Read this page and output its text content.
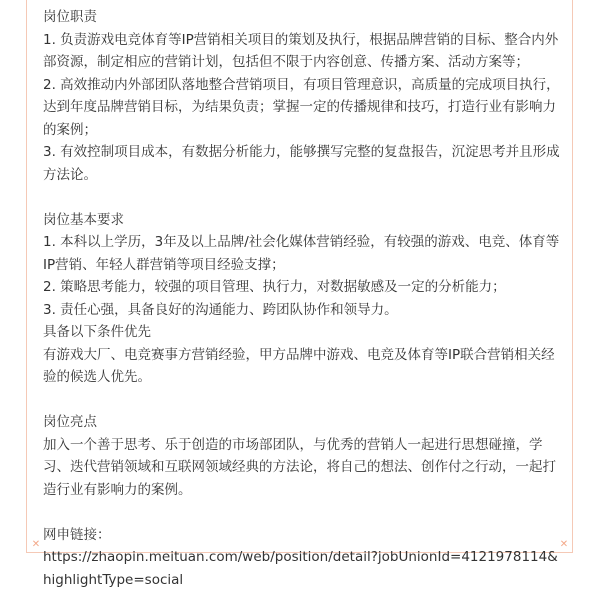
岗位职责

1. 负责游戏电竞体育等IP营销相关项目的策划及执行，根据品牌营销的目标、整合内外部资源，制定相应的营销计划，包括但不限于内容创意、传播方案、活动方案等；

2. 高效推动内外部团队落地整合营销项目，有项目管理意识，高质量的完成项目执行，达到年度品牌营销目标，为结果负责；掌握一定的传播规律和技巧，打造行业有影响力的案例；

3. 有效控制项目成本，有数据分析能力，能够撰写完整的复盘报告，沉淀思考并且形成方法论。

岗位基本要求

1. 本科以上学历，3年及以上品牌/社会化媒体营销经验，有较强的游戏、电竞、体育等IP营销、年轻人群营销等项目经验支撑；

2. 策略思考能力，较强的项目管理、执行力，对数据敏感及一定的分析能力；

3. 责任心强，具备良好的沟通能力、跨团队协作和领导力。

具备以下条件优先

有游戏大厂、电竞赛事方营销经验，甲方品牌中游戏、电竞及体育等IP联合营销相关经验的候选人优先。

岗位亮点

加入一个善于思考、乐于创造的市场部团队，与优秀的营销人一起进行思想碰撞，学习、迭代营销领域和互联网领域经典的方法论，将自己的想法、创作付之行动，一起打造行业有影响力的案例。

网申链接：

https://zhaopin.meituan.com/web/position/detail?jobUnionId=4121978114&highlightType=social

✕	✕
